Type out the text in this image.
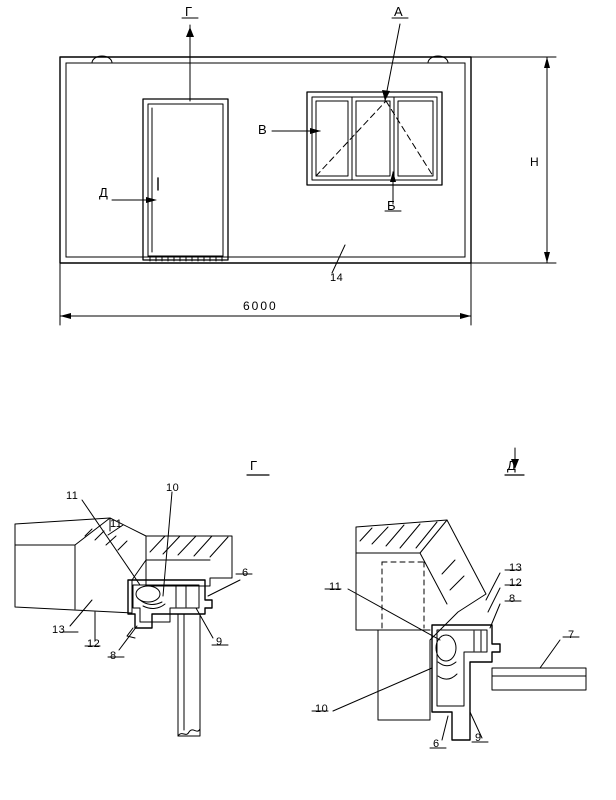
Г	А
В
Б
Д
14
6000
H
Г	Д
11
11
10
6
9
8
12
13
13
12
8
7
11
10
6	9
